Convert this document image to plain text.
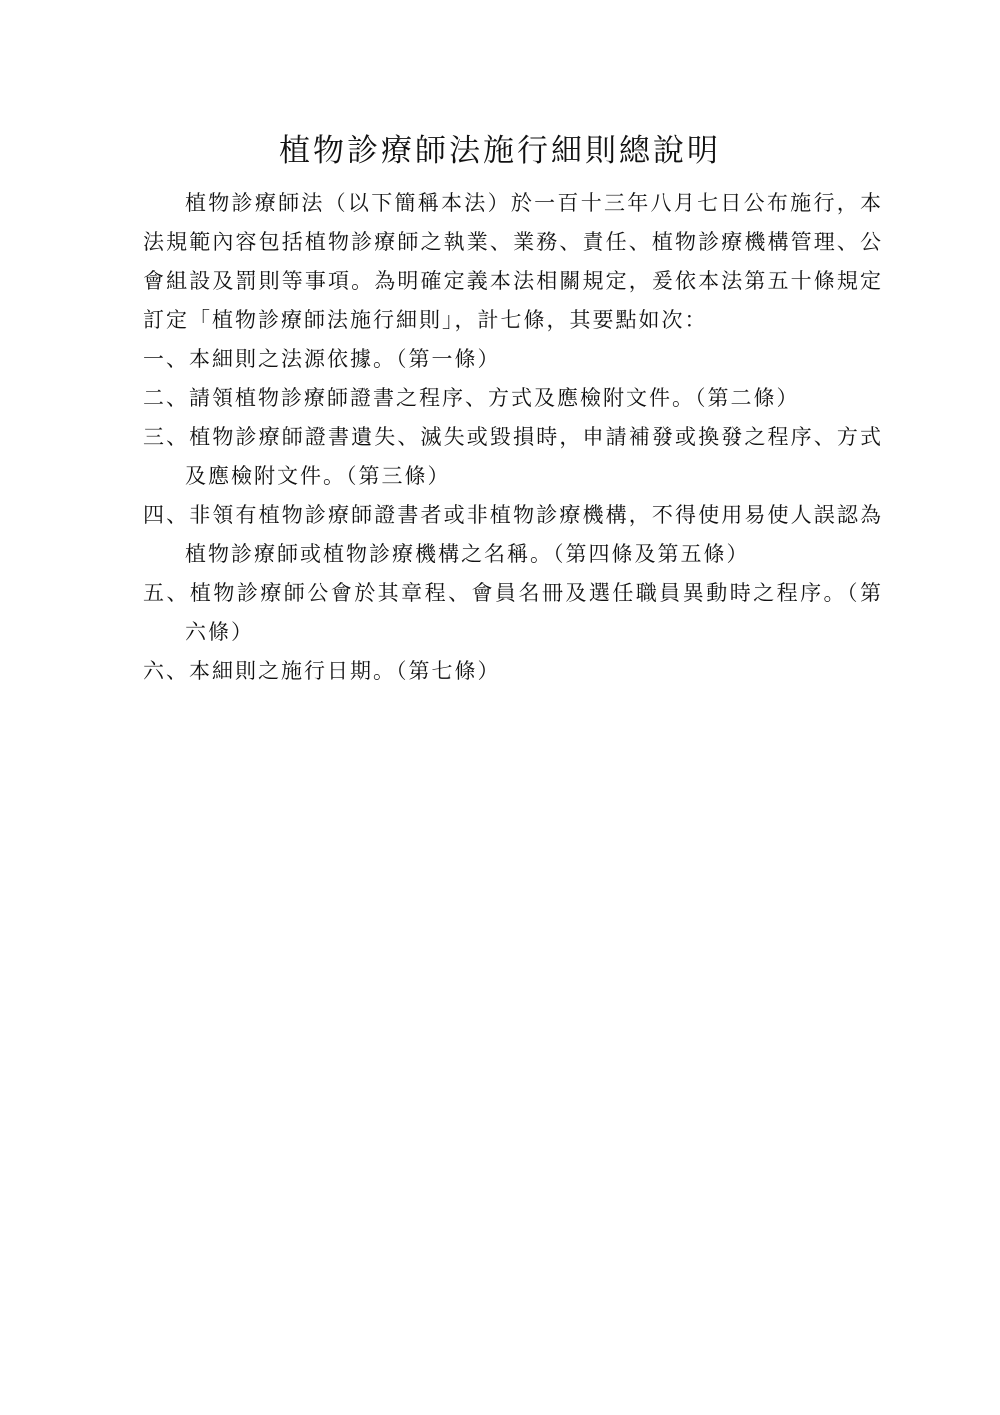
植物診療師法施行細則總說明

植物診療師法（以下簡稱本法）於一百十三年八月七日公布施行，本法規範內容包括植物診療師之執業、業務、責任、植物診療機構管理、公會組設及罰則等事項。為明確定義本法相關規定，爰依本法第五十條規定訂定「植物診療師法施行細則」，計七條，其要點如次：

一、本細則之法源依據。（第一條）
二、請領植物診療師證書之程序、方式及應檢附文件。（第二條）
三、植物診療師證書遺失、滅失或毀損時，申請補發或換發之程序、方式及應檢附文件。（第三條）
四、非領有植物診療師證書者或非植物診療機構，不得使用易使人誤認為植物診療師或植物診療機構之名稱。（第四條及第五條）
五、植物診療師公會於其章程、會員名冊及選任職員異動時之程序。（第六條）
六、本細則之施行日期。（第七條）
